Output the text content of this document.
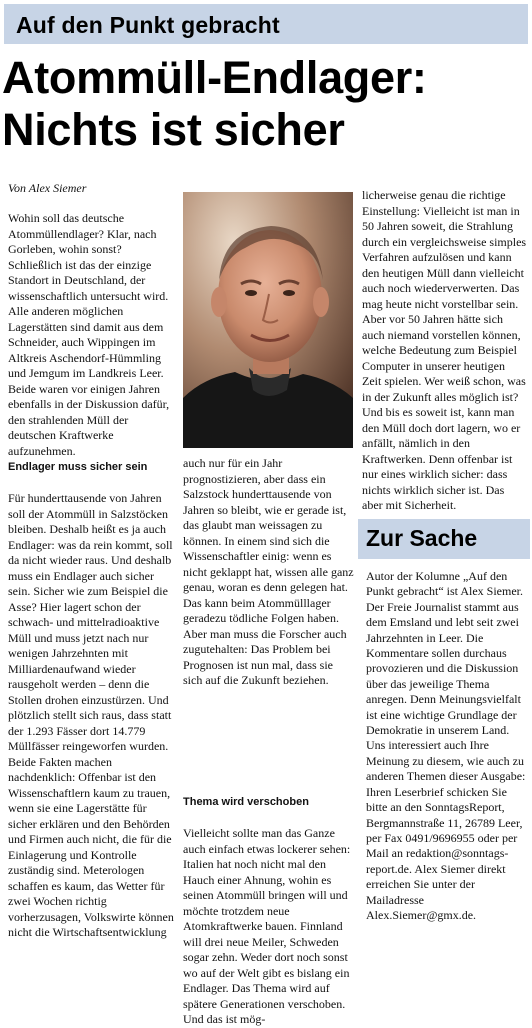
Auf den Punkt gebracht
Atommüll-Endlager:
Nichts ist sicher
Von Alex Siemer

Wohin soll das deutsche Atommüllendlager? Klar, nach Gorleben, wohin sonst? Schließlich ist das der einzige Standort in Deutschland, der wissenschaftlich untersucht wird. Alle anderen möglichen Lagerstätten sind damit aus dem Schneider, auch Wippingen im Altkreis Aschendorf-Hümmling und Jemgum im Landkreis Leer. Beide waren vor einigen Jahren ebenfalls in der Diskussion dafür, den strahlenden Müll der deutschen Kraftwerke aufzunehmen.

Endlager muss sicher sein

Für hunderttausende von Jahren soll der Atommüll in Salzstöcken bleiben. Deshalb heißt es ja auch Endlager: was da rein kommt, soll da nicht wieder raus. Und deshalb muss ein Endlager auch sicher sein. Sicher wie zum Beispiel die Asse? Hier lagert schon der schwach- und mittelradioaktive Müll und muss jetzt nach nur wenigen Jahrzehnten mit Milliardenaufwand wieder rausgeholt werden – denn die Stollen drohen einzustürzen. Und plötzlich stellt sich raus, dass statt der 1.293 Fässer dort 14.779 Müllfässer reingeworfen wurden. Beide Fakten machen nachdenklich: Offenbar ist den Wissenschaftlern kaum zu trauen, wenn sie eine Lagerstätte für sicher erklären und den Behörden und Firmen auch nicht, die für die Einlagerung und Kontrolle zuständig sind. Meterologen schaffen es kaum, das Wetter für zwei Wochen richtig vorherzusagen, Volkswirte können nicht die Wirtschaftsentwicklung

auch nur für ein Jahr prognostizieren, aber dass ein Salzstock hunderttausende von Jahren so bleibt, wie er gerade ist, das glaubt man weissagen zu können. In einem sind sich die Wissenschaftler einig: wenn es nicht geklappt hat, wissen alle ganz genau, woran es denn gelegen hat. Das kann beim Atommülllager geradezu tödliche Folgen haben. Aber man muss die Forscher auch zugutehalten: Das Problem bei Prognosen ist nun mal, dass sie sich auf die Zukunft beziehen.

Thema wird verschoben

Vielleicht sollte man das Ganze auch einfach etwas lockerer sehen: Italien hat noch nicht mal den Hauch einer Ahnung, wohin es seinen Atommüll bringen will und möchte trotzdem neue Atomkraftwerke bauen. Finnland will drei neue Meiler, Schweden sogar zehn. Weder dort noch sonst wo auf der Welt gibt es bislang ein Endlager. Das Thema wird auf spätere Generationen verschoben. Und das ist mög-

licherweise genau die richtige Einstellung: Vielleicht ist man in 50 Jahren soweit, die Strahlung durch ein vergleichsweise simples Verfahren aufzulösen und kann den heutigen Müll dann vielleicht auch noch wiederverwerten. Das mag heute nicht vorstellbar sein. Aber vor 50 Jahren hätte sich auch niemand vorstellen können, welche Bedeutung zum Beispiel Computer in unserer heutigen Zeit spielen. Wer weiß schon, was in der Zukunft alles möglich ist? Und bis es soweit ist, kann man den Müll doch dort lagern, wo er anfällt, nämlich in den Kraftwerken. Denn offenbar ist nur eines wirklich sicher: dass nichts wirklich sicher ist. Das aber mit Sicherheit.

Zur Sache

Autor der Kolumne „Auf den Punkt gebracht“ ist Alex Siemer. Der Freie Journalist stammt aus dem Emsland und lebt seit zwei Jahrzehnten in Leer. Die Kommentare sollen durchaus provozieren und die Diskussion über das jeweilige Thema anregen. Denn Meinungsvielfalt ist eine wichtige Grundlage der Demokratie in unserem Land. Uns interessiert auch Ihre Meinung zu diesem, wie auch zu anderen Themen dieser Ausgabe: Ihren Leserbrief schicken Sie bitte an den SonntagsReport, Bergmannstraße 11, 26789 Leer, per Fax 0491/9696955 oder per Mail an redaktion@sonntags-report.de. Alex Siemer direkt erreichen Sie unter der Mailadresse Alex.Siemer@gmx.de.
